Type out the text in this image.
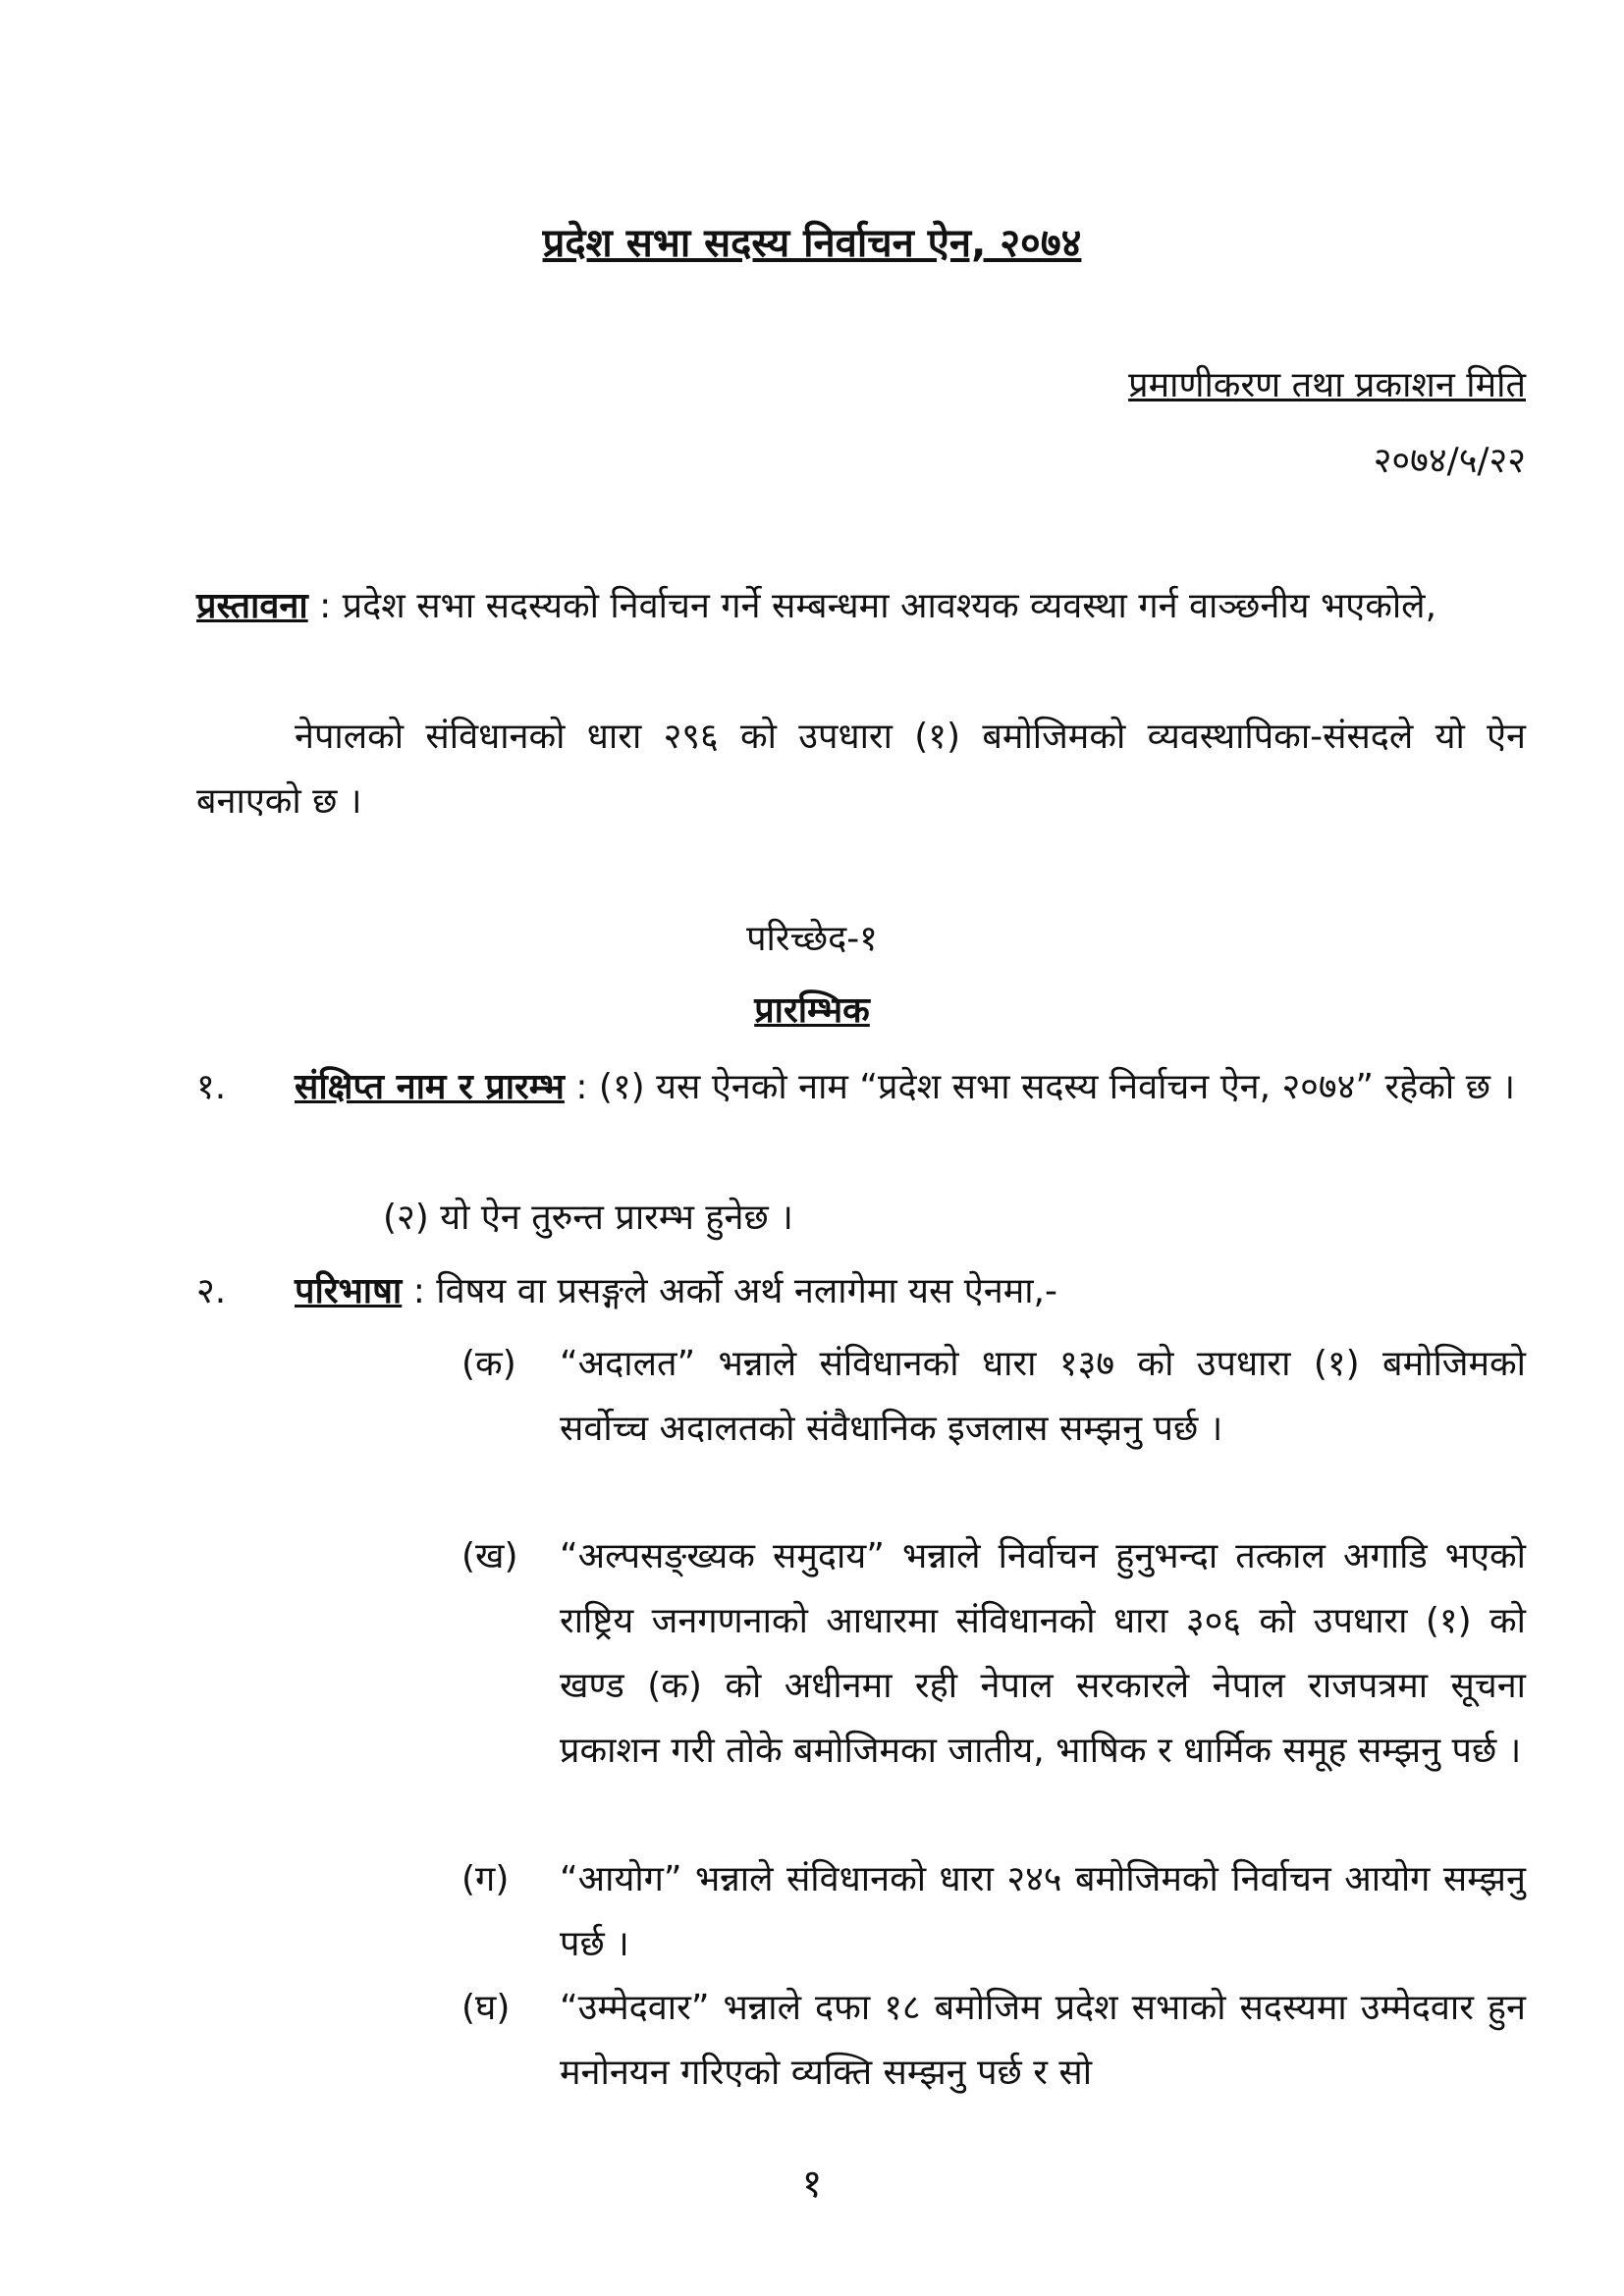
प्रदेश सभा सदस्य निर्वाचन ऐन, २०७४
प्रमाणीकरण तथा प्रकाशन मिति
२०७४/५/२२
प्रस्तावना : प्रदेश सभा सदस्यको निर्वाचन गर्ने सम्बन्धमा आवश्यक व्यवस्था गर्न वाञ्छनीय भएकोले,
नेपालको संविधानको धारा २९६ को उपधारा (१) बमोजिमको व्यवस्थापिका-संसदले यो ऐन बनाएको छ ।
परिच्छेद-१
प्रारम्भिक
१.	संक्षिप्त नाम र प्रारम्भ : (१) यस ऐनको नाम “प्रदेश सभा सदस्य निर्वाचन ऐन, २०७४” रहेको छ ।
(२) यो ऐन तुरुन्त प्रारम्भ हुनेछ ।
२.	परिभाषा : विषय वा प्रसङ्गले अर्को अर्थ नलागेमा यस ऐनमा,-
(क)	“अदालत” भन्नाले संविधानको धारा १३७ को उपधारा (१) बमोजिमको सर्वोच्च अदालतको संवैधानिक इजलास सम्झनु पर्छ ।
(ख)	“अल्पसङ्ख्यक समुदाय” भन्नाले निर्वाचन हुनुभन्दा तत्काल अगाडि भएको राष्ट्रिय जनगणनाको आधारमा संविधानको धारा ३०६ को उपधारा (१) को खण्ड (क) को अधीनमा रही नेपाल सरकारले नेपाल राजपत्रमा सूचना प्रकाशन गरी तोके बमोजिमका जातीय, भाषिक र धार्मिक समूह सम्झनु पर्छ ।
(ग)	“आयोग” भन्नाले संविधानको धारा २४५ बमोजिमको निर्वाचन आयोग सम्झनु पर्छ ।
(घ)	“उम्मेदवार” भन्नाले दफा १८ बमोजिम प्रदेश सभाको सदस्यमा उम्मेदवार हुन मनोनयन गरिएको व्यक्ति सम्झनु पर्छ र सो
१
